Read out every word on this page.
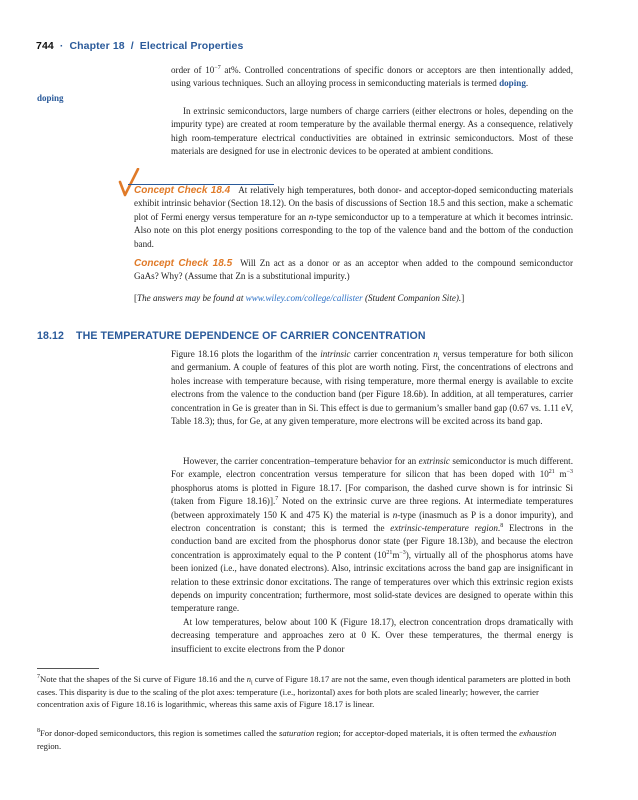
744 · Chapter 18 / Electrical Properties
doping

order of $10^{-7}$ at%. Controlled concentrations of specific donors or acceptors are then intentionally added, using various techniques. Such an alloying process in semiconducting materials is termed doping.

In extrinsic semiconductors, large numbers of charge carriers (either electrons or holes, depending on the impurity type) are created at room temperature by the available thermal energy. As a consequence, relatively high room-temperature electrical conductivities are obtained in extrinsic semiconductors. Most of these materials are designed for use in electronic devices to be operated at ambient conditions.

Concept Check 18.4 At relatively high temperatures, both donor- and acceptor-doped semiconducting materials exhibit intrinsic behavior (Section 18.12). On the basis of discussions of Section 18.5 and this section, make a schematic plot of Fermi energy versus temperature for an n-type semiconductor up to a temperature at which it becomes intrinsic. Also note on this plot energy positions corresponding to the top of the valence band and the bottom of the conduction band.

Concept Check 18.5 Will Zn act as a donor or as an acceptor when added to the compound semiconductor GaAs? Why? (Assume that Zn is a substitutional impurity.)

[The answers may be found at www.wiley.com/college/callister (Student Companion Site).]

18.12 THE TEMPERATURE DEPENDENCE OF CARRIER CONCENTRATION

Figure 18.16 plots the logarithm of the intrinsic carrier concentration $n_i$ versus temperature for both silicon and germanium. A couple of features of this plot are worth noting. First, the concentrations of electrons and holes increase with temperature because, with rising temperature, more thermal energy is available to excite electrons from the valence to the conduction band (per Figure 18.6b). In addition, at all temperatures, carrier concentration in Ge is greater than in Si. This effect is due to germanium’s smaller band gap (0.67 vs. 1.11 eV, Table 18.3); thus, for Ge, at any given temperature, more electrons will be excited across its band gap.

However, the carrier concentration–temperature behavior for an extrinsic semiconductor is much different. For example, electron concentration versus temperature for silicon that has been doped with $10^{21}$ $m^{-3}$ phosphorus atoms is plotted in Figure 18.17. [For comparison, the dashed curve shown is for intrinsic Si (taken from Figure 18.16)].$^7$ Noted on the extrinsic curve are three regions. At intermediate temperatures (between approximately 150 K and 475 K) the material is n-type (inasmuch as P is a donor impurity), and electron concentration is constant; this is termed the extrinsic-temperature region.$^8$ Electrons in the conduction band are excited from the phosphorus donor state (per Figure 18.13b), and because the electron concentration is approximately equal to the P content $(10^{21}m^{-3})$, virtually all of the phosphorus atoms have been ionized (i.e., have donated electrons). Also, intrinsic excitations across the band gap are insignificant in relation to these extrinsic donor excitations. The range of temperatures over which this extrinsic region exists depends on impurity concentration; furthermore, most solid-state devices are designed to operate within this temperature range.

At low temperatures, below about 100 K (Figure 18.17), electron concentration drops dramatically with decreasing temperature and approaches zero at 0 K. Over these temperatures, the thermal energy is insufficient to excite electrons from the P donor

$^7$Note that the shapes of the Si curve of Figure 18.16 and the $n_i$ curve of Figure 18.17 are not the same, even though identical parameters are plotted in both cases. This disparity is due to the scaling of the plot axes: temperature (i.e., horizontal) axes for both plots are scaled linearly; however, the carrier concentration axis of Figure 18.16 is logarithmic, whereas this same axis of Figure 18.17 is linear.

$^8$For donor-doped semiconductors, this region is sometimes called the saturation region; for acceptor-doped materials, it is often termed the exhaustion region.
